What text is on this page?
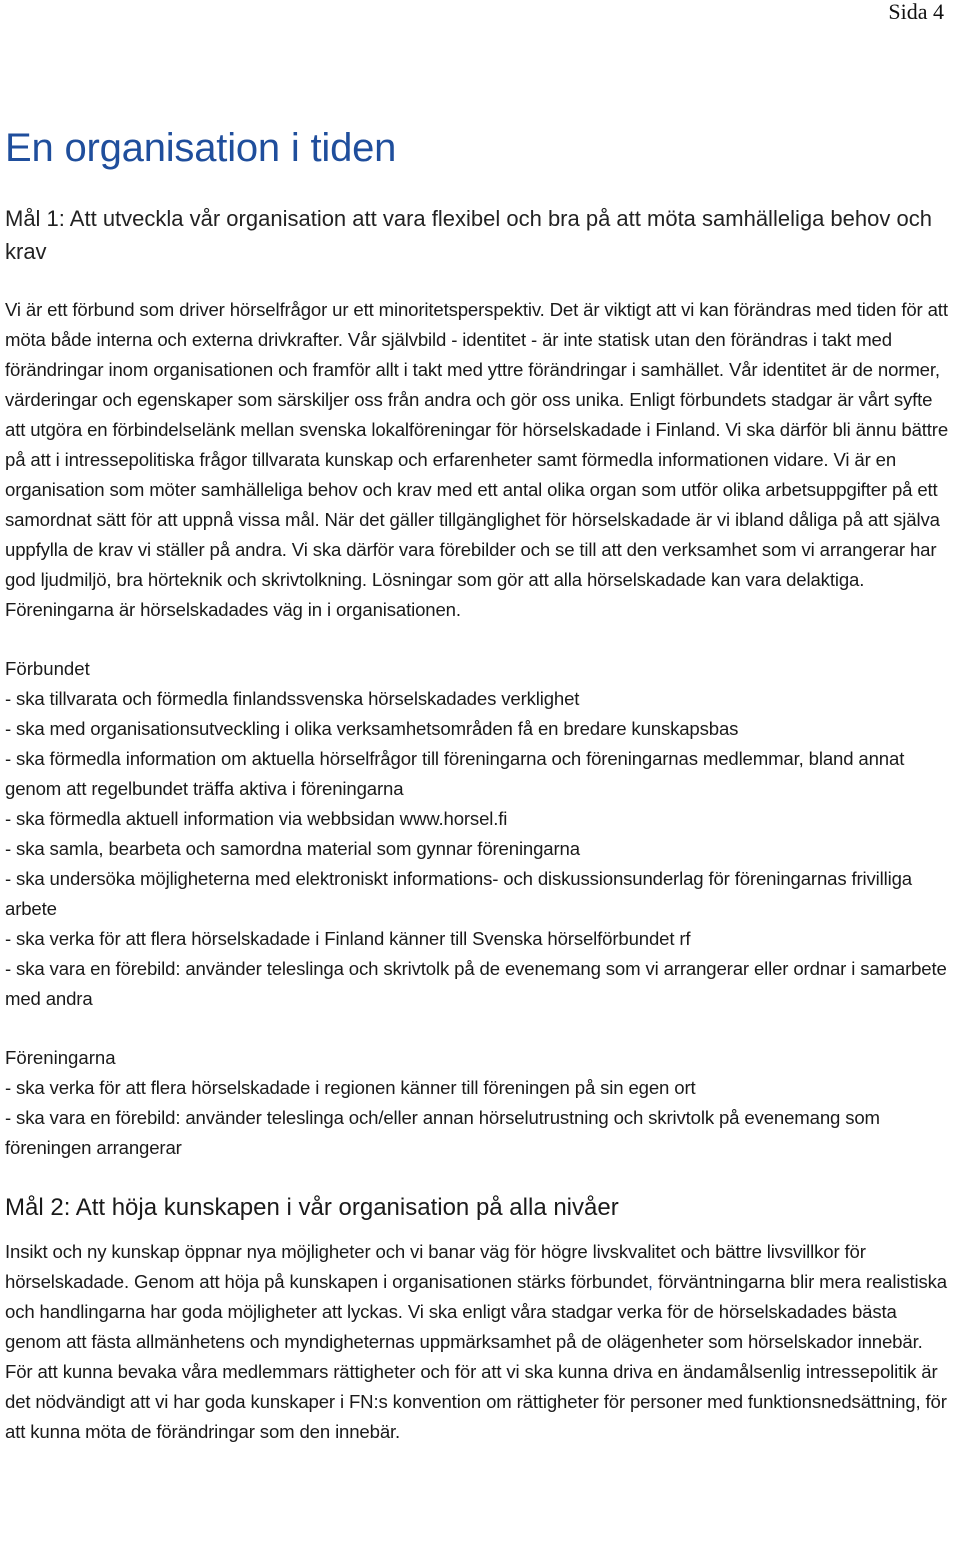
Sida 4
En organisation i tiden
Mål 1: Att utveckla vår organisation att vara flexibel och bra på att möta samhälleliga behov och krav

Vi är ett förbund som driver hörselfrågor ur ett minoritetsperspektiv. Det är viktigt att vi kan förändras med tiden för att möta både interna och externa drivkrafter. Vår självbild - identitet - är inte statisk utan den förändras i takt med förändringar inom organisationen och framför allt i takt med yttre förändringar i samhället. Vår identitet är de normer, värderingar och egenskaper som särskiljer oss från andra och gör oss unika. Enligt förbundets stadgar är vårt syfte att utgöra en förbindelselänk mellan svenska lokalföreningar för hörselskadade i Finland. Vi ska därför bli ännu bättre på att i intressepolitiska frågor tillvarata kunskap och erfarenheter samt förmedla informationen vidare. Vi är en organisation som möter samhälleliga behov och krav med ett antal olika organ som utför olika arbetsuppgifter på ett samordnat sätt för att uppnå vissa mål. När det gäller tillgänglighet för hörselskadade är vi ibland dåliga på att själva uppfylla de krav vi ställer på andra. Vi ska därför vara förebilder och se till att den verksamhet som vi arrangerar har god ljudmiljö, bra hörteknik och skrivtolkning. Lösningar som gör att alla hörselskadade kan vara delaktiga. Föreningarna är hörselskadades väg in i organisationen.

Förbundet
- ska tillvarata och förmedla finlandssvenska hörselskadades verklighet
- ska med organisationsutveckling i olika verksamhetsområden få en bredare kunskapsbas
- ska förmedla information om aktuella hörselfrågor till föreningarna och föreningarnas medlemmar, bland annat genom att regelbundet träffa aktiva i föreningarna
- ska förmedla aktuell information via webbsidan www.horsel.fi
- ska samla, bearbeta och samordna material som gynnar föreningarna
- ska undersöka möjligheterna med elektroniskt informations- och diskussionsunderlag för föreningarnas frivilliga arbete
- ska verka för att flera hörselskadade i Finland känner till Svenska hörselförbundet rf
- ska vara en förebild: använder teleslinga och skrivtolk på de evenemang som vi arrangerar eller ordnar i samarbete med andra
Föreningarna
- ska verka för att flera hörselskadade i regionen känner till föreningen på sin egen ort
- ska vara en förebild: använder teleslinga och/eller annan hörselutrustning och skrivtolk på evenemang som föreningen arrangerar
Mål 2: Att höja kunskapen i vår organisation på alla nivåer

Insikt och ny kunskap öppnar nya möjligheter och vi banar väg för högre livskvalitet och bättre livsvillkor för hörselskadade. Genom att höja på kunskapen i organisationen stärks förbundet, förväntningarna blir mera realistiska och handlingarna har goda möjligheter att lyckas. Vi ska enligt våra stadgar verka för de hörselskadades bästa genom att fästa allmänhetens och myndigheternas uppmärksamhet på de olägenheter som hörselskador innebär. För att kunna bevaka våra medlemmars rättigheter och för att vi ska kunna driva en ändamålsenlig intressepolitik är det nödvändigt att vi har goda kunskaper i FN:s konvention om rättigheter för personer med funktionsnedsättning, för att kunna möta de förändringar som den innebär.
